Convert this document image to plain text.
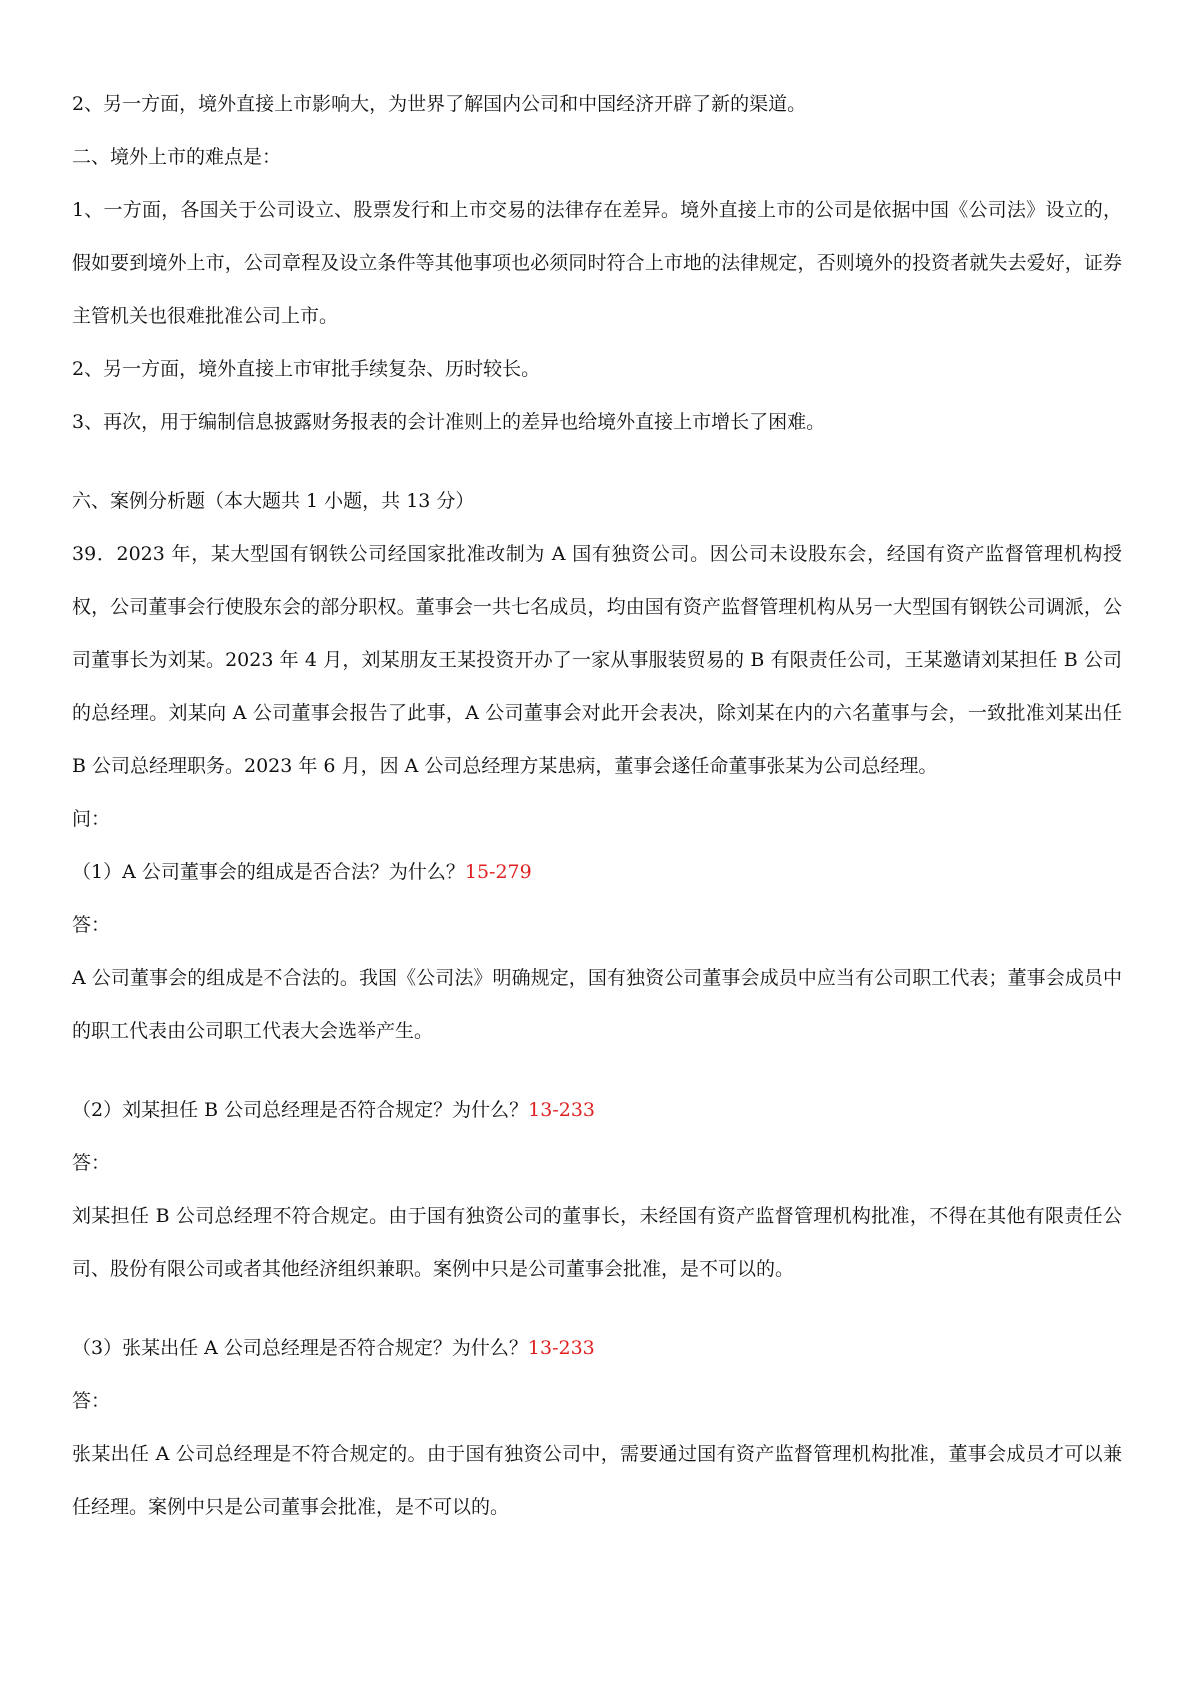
2、另一方面，境外直接上市影响大，为世界了解国内公司和中国经济开辟了新的渠道。

二、境外上市的难点是：

1、一方面，各国关于公司设立、股票发行和上市交易的法律存在差异。境外直接上市的公司是依据中国《公司法》设立的，假如要到境外上市，公司章程及设立条件等其他事项也必须同时符合上市地的法律规定，否则境外的投资者就失去爱好，证券主管机关也很难批准公司上市。

2、另一方面，境外直接上市审批手续复杂、历时较长。

3、再次，用于编制信息披露财务报表的会计准则上的差异也给境外直接上市增长了困难。

六、案例分析题（本大题共 1 小题，共 13 分）

39．2023 年，某大型国有钢铁公司经国家批准改制为 A 国有独资公司。因公司未设股东会，经国有资产监督管理机构授权，公司董事会行使股东会的部分职权。董事会一共七名成员，均由国有资产监督管理机构从另一大型国有钢铁公司调派，公司董事长为刘某。2023 年 4 月，刘某朋友王某投资开办了一家从事服装贸易的 B 有限责任公司，王某邀请刘某担任 B 公司的总经理。刘某向 A 公司董事会报告了此事，A 公司董事会对此开会表决，除刘某在内的六名董事与会，一致批准刘某出任 B 公司总经理职务。2023 年 6 月，因 A 公司总经理方某患病，董事会遂任命董事张某为公司总经理。

问：

（1）A 公司董事会的组成是否合法？为什么？15-279

答：

A 公司董事会的组成是不合法的。我国《公司法》明确规定，国有独资公司董事会成员中应当有公司职工代表；董事会成员中的职工代表由公司职工代表大会选举产生。

（2）刘某担任 B 公司总经理是否符合规定？为什么？13-233

答：

刘某担任 B 公司总经理不符合规定。由于国有独资公司的董事长，未经国有资产监督管理机构批准，不得在其他有限责任公司、股份有限公司或者其他经济组织兼职。案例中只是公司董事会批准，是不可以的。

（3）张某出任 A 公司总经理是否符合规定？为什么？13-233

答：

张某出任 A 公司总经理是不符合规定的。由于国有独资公司中，需要通过国有资产监督管理机构批准，董事会成员才可以兼任经理。案例中只是公司董事会批准，是不可以的。
